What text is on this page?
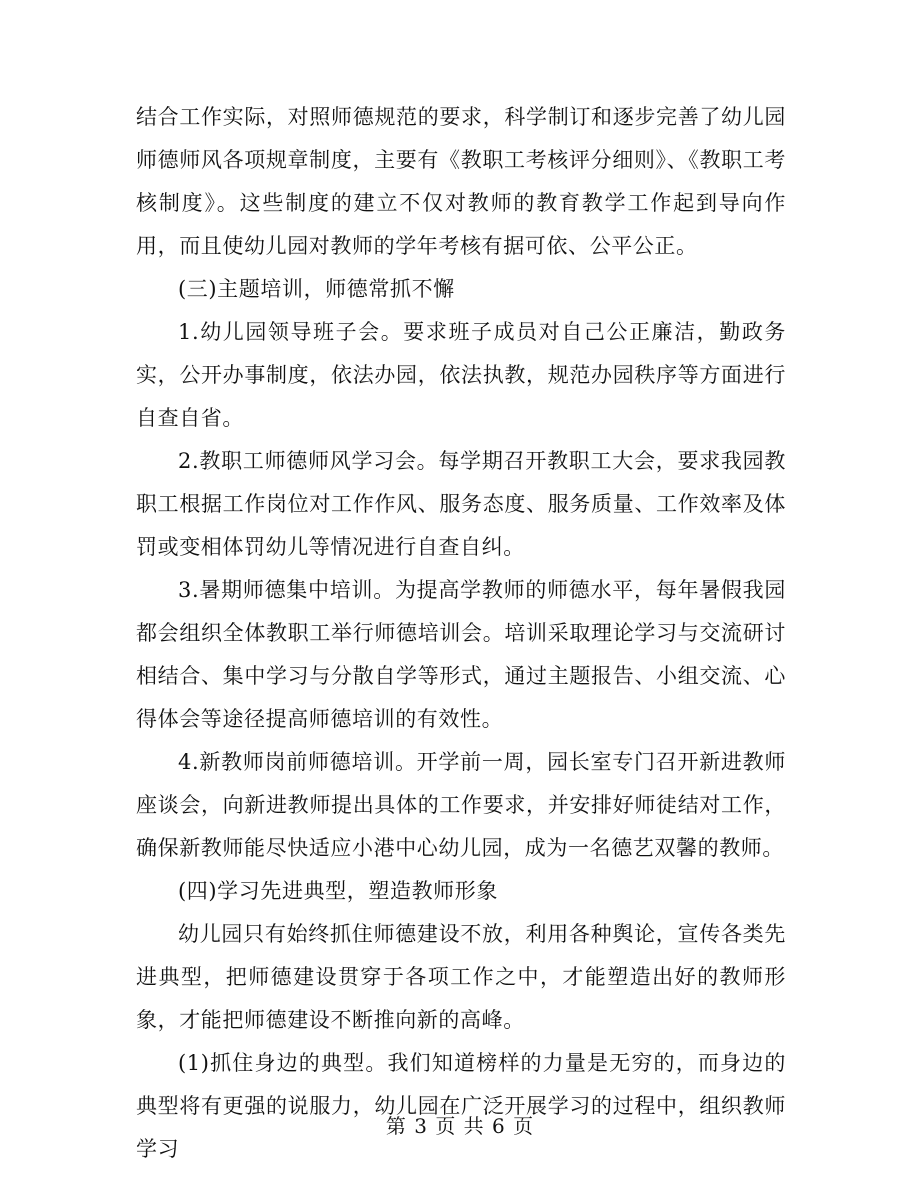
结合工作实际，对照师德规范的要求，科学制订和逐步完善了幼儿园师德师风各项规章制度，主要有《教职工考核评分细则》、《教职工考核制度》。这些制度的建立不仅对教师的教育教学工作起到导向作用，而且使幼儿园对教师的学年考核有据可依、公平公正。

(三)主题培训，师德常抓不懈

1.幼儿园领导班子会。要求班子成员对自己公正廉洁，勤政务实，公开办事制度，依法办园，依法执教，规范办园秩序等方面进行自查自省。

2.教职工师德师风学习会。每学期召开教职工大会，要求我园教职工根据工作岗位对工作作风、服务态度、服务质量、工作效率及体罚或变相体罚幼儿等情况进行自查自纠。

3.暑期师德集中培训。为提高学教师的师德水平，每年暑假我园都会组织全体教职工举行师德培训会。培训采取理论学习与交流研讨相结合、集中学习与分散自学等形式，通过主题报告、小组交流、心得体会等途径提高师德培训的有效性。

4.新教师岗前师德培训。开学前一周，园长室专门召开新进教师座谈会，向新进教师提出具体的工作要求，并安排好师徒结对工作，确保新教师能尽快适应小港中心幼儿园，成为一名德艺双馨的教师。

(四)学习先进典型，塑造教师形象

幼儿园只有始终抓住师德建设不放，利用各种舆论，宣传各类先进典型，把师德建设贯穿于各项工作之中，才能塑造出好的教师形象，才能把师德建设不断推向新的高峰。

(1)抓住身边的典型。我们知道榜样的力量是无穷的，而身边的典型将有更强的说服力，幼儿园在广泛开展学习的过程中，组织教师学习

第 3 页 共 6 页
